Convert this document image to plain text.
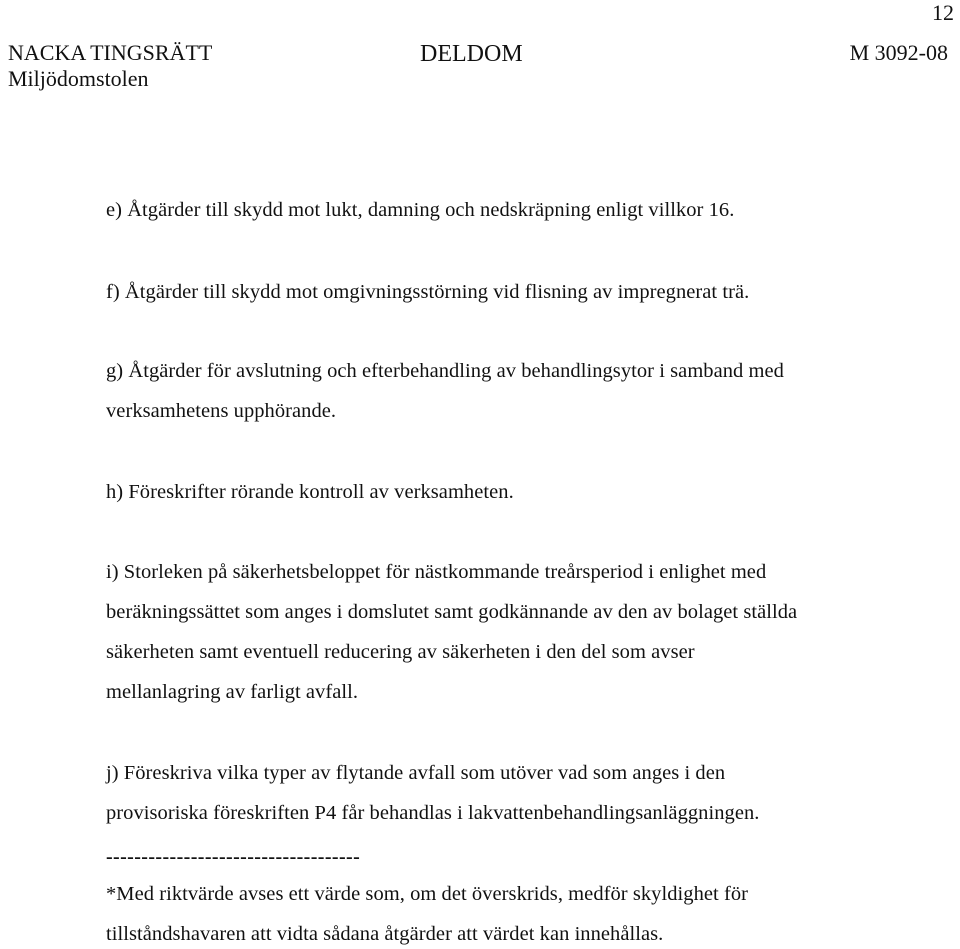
12
NACKA TINGSRÄTT	DELDOM	M 3092-08
Miljödomstolen
e) Åtgärder till skydd mot lukt, damning och nedskräpning enligt villkor 16.
f) Åtgärder till skydd mot omgivningsstörning vid flisning av impregnerat trä.
g) Åtgärder för avslutning och efterbehandling av behandlingsytor i samband med
verksamhetens upphörande.
h) Föreskrifter rörande kontroll av verksamheten.
i) Storleken på säkerhetsbeloppet för nästkommande treårsperiod i enlighet med
beräkningssättet som anges i domslutet samt godkännande av den av bolaget ställda
säkerheten samt eventuell reducering av säkerheten i den del som avser
mellanlagring av farligt avfall.
j) Föreskriva vilka typer av flytande avfall som utöver vad som anges i den
provisoriska föreskriften P4 får behandlas i lakvattenbehandlingsanläggningen.
------------------------------------
*Med riktvärde avses ett värde som, om det överskrids, medför skyldighet för
tillståndshavaren att vidta sådana åtgärder att värdet kan innehållas.
